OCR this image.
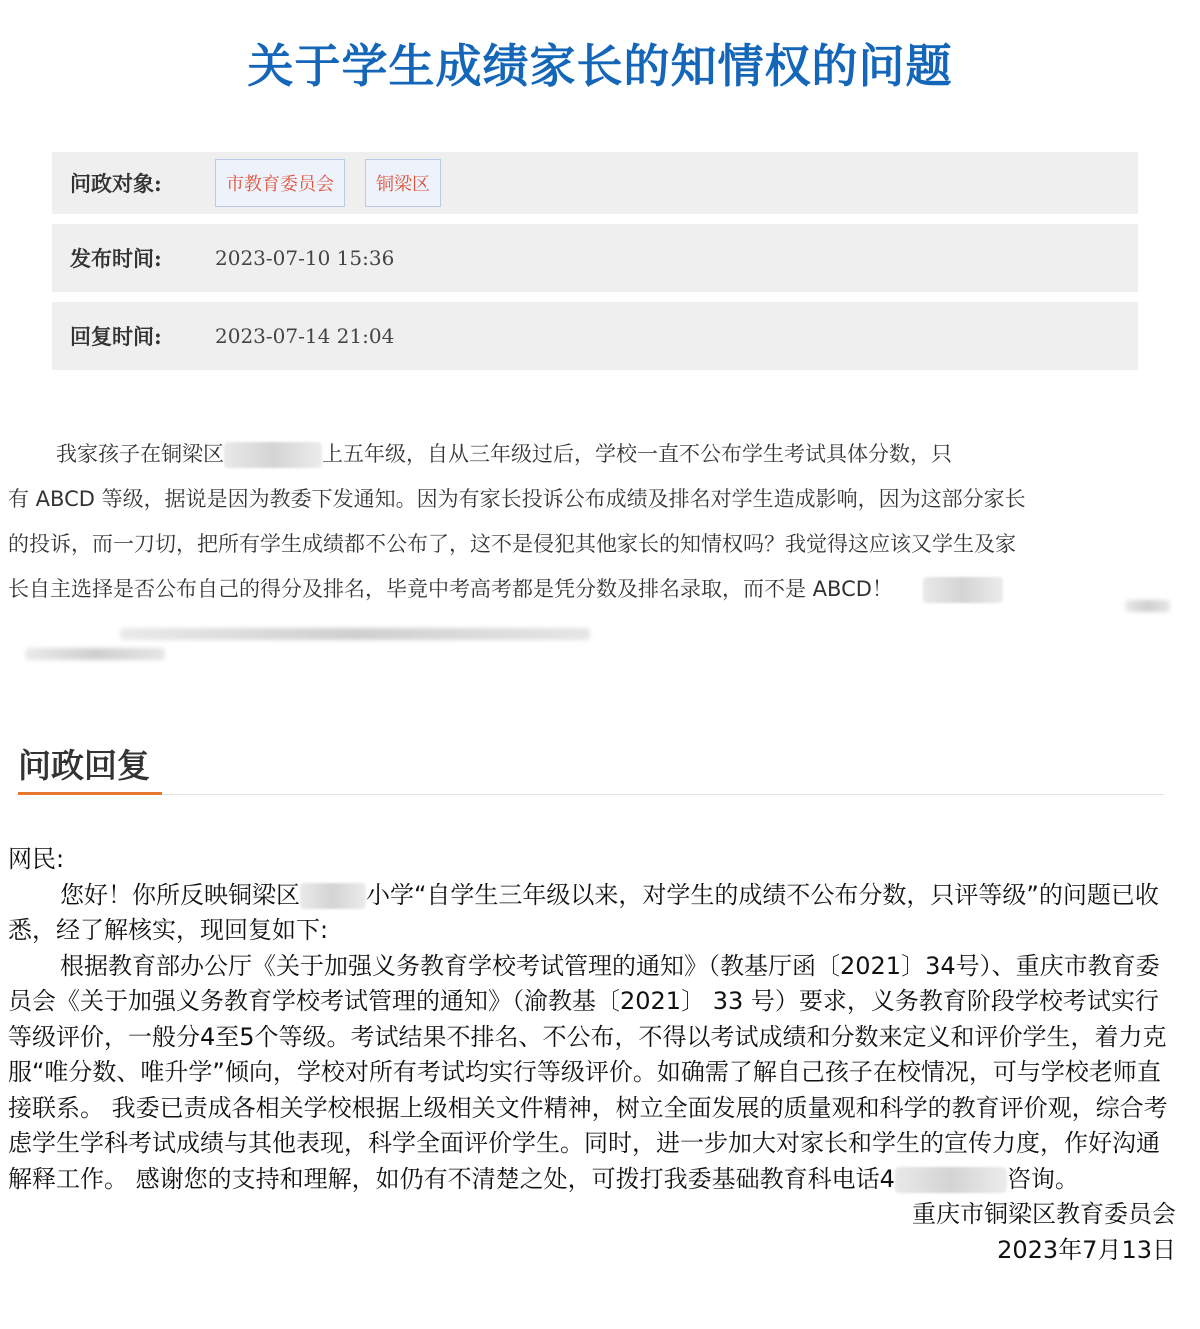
关于学生成绩家长的知情权的问题
问政对象:	市教育委员会	铜梁区
发布时间:	2023-07-10 15:36
回复时间:	2023-07-14 21:04
我家孩子在铜梁区	上五年级，自从三年级过后，学校一直不公布学生考试具体分数，只
有 ABCD 等级，据说是因为教委下发通知。因为有家长投诉公布成绩及排名对学生造成影响，因为这部分家长
的投诉，而一刀切，把所有学生成绩都不公布了，这不是侵犯其他家长的知情权吗？我觉得这应该又学生及家
长自主选择是否公布自己的得分及排名，毕竟中考高考都是凭分数及排名录取，而不是 ABCD！
问政回复

网民:

您好！你所反映铜梁区	小学“自学生三年级以来，对学生的成绩不公布分数，只评等级”的问题已收悉，经了解核实，现回复如下:

根据教育部办公厅《关于加强义务教育学校考试管理的通知》（教基厅函〔2021〕34号）、重庆市教育委员会《关于加强义务教育学校考试管理的通知》（渝教基〔2021〕 33 号）要求，义务教育阶段学校考试实行等级评价，一般分4至5个等级。考试结果不排名、不公布，不得以考试成绩和分数来定义和评价学生，着力克服“唯分数、唯升学”倾向，学校对所有考试均实行等级评价。如确需了解自己孩子在校情况，可与学校老师直接联系。 我委已责成各相关学校根据上级相关文件精神，树立全面发展的质量观和科学的教育评价观，综合考虑学生学科考试成绩与其他表现，科学全面评价学生。同时，进一步加大对家长和学生的宣传力度，作好沟通解释工作。 感谢您的支持和理解，如仍有不清楚之处，可拨打我委基础教育科电话4	咨询。

重庆市铜梁区教育委员会

2023年7月13日
